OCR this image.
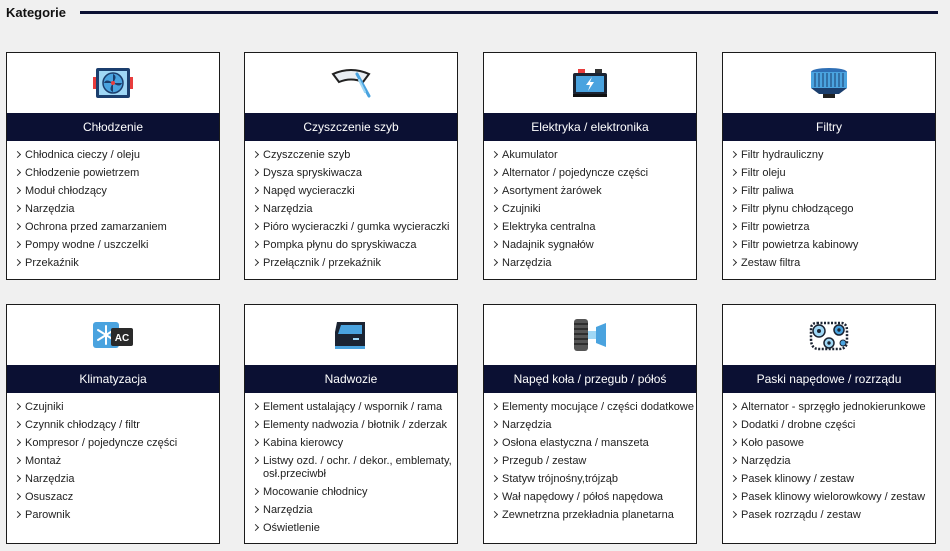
Kategorie
Chłodzenie
Chłodnica cieczy / oleju
Chłodzenie powietrzem
Moduł chłodzący
Narzędzia
Ochrona przed zamarzaniem
Pompy wodne / uszczelki
Przekaźnik
Czyszczenie szyb
Czyszczenie szyb
Dysza spryskiwacza
Napęd wycieraczki
Narzędzia
Pióro wycieraczki / gumka wycieraczki
Pompka płynu do spryskiwacza
Przełącznik / przekaźnik
Elektryka / elektronika
Akumulator
Alternator / pojedyncze części
Asortyment żarówek
Czujniki
Elektryka centralna
Nadajnik sygnałów
Narzędzia
Filtry
Filtr hydrauliczny
Filtr oleju
Filtr paliwa
Filtr płynu chłodzącego
Filtr powietrza
Filtr powietrza kabinowy
Zestaw filtra
AC
Klimatyzacja
Czujniki
Czynnik chłodzący / filtr
Kompresor / pojedyncze części
Montaż
Narzędzia
Osuszacz
Parownik
Nadwozie
Element ustalający / wspornik / rama
Elementy nadwozia / błotnik / zderzak
Kabina kierowcy
Listwy ozd. / ochr. / dekor., emblematy, osł.przeciwbł
Mocowanie chłodnicy
Narzędzia
Oświetlenie
Napęd koła / przegub / półoś
Elementy mocujące / części dodatkowe
Narzędzia
Osłona elastyczna / manszeta
Przegub / zestaw
Statyw trójnośny,trójząb
Wał napędowy / półoś napędowa
Zewnetrzna przekładnia planetarna
Paski napędowe / rozrządu
Alternator - sprzęgło jednokierunkowe
Dodatki / drobne części
Koło pasowe
Narzędzia
Pasek klinowy / zestaw
Pasek klinowy wielorowkowy / zestaw
Pasek rozrządu / zestaw
